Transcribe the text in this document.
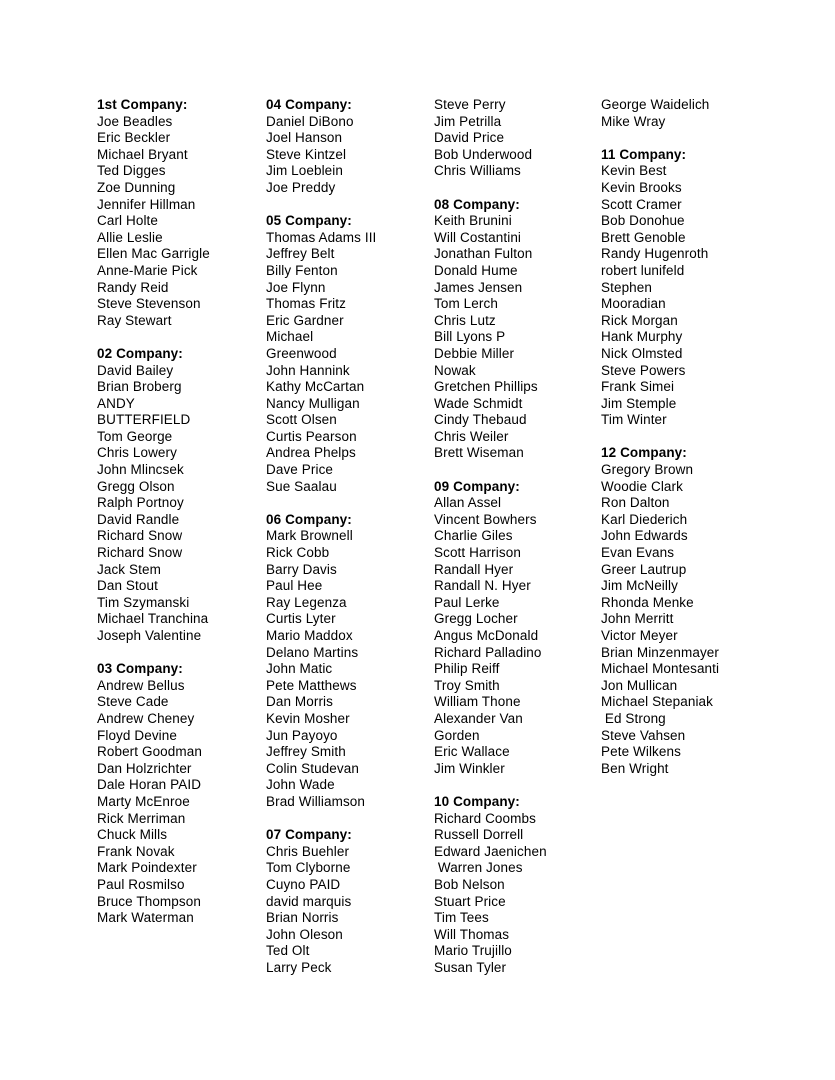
1st Company:
Joe Beadles
Eric Beckler
Michael Bryant
Ted Digges
Zoe Dunning
Jennifer Hillman
Carl Holte
Allie Leslie
Ellen Mac Garrigle
Anne-Marie Pick
Randy Reid
Steve Stevenson
Ray Stewart
02 Company:
David Bailey
Brian Broberg
ANDY
BUTTERFIELD
Tom George
Chris Lowery
John Mlincsek
Gregg Olson
Ralph Portnoy
David Randle
Richard Snow
Richard Snow
Jack Stem
Dan Stout
Tim Szymanski
Michael Tranchina
Joseph Valentine
03 Company:
Andrew Bellus
Steve Cade
Andrew Cheney
Floyd Devine
Robert Goodman
Dan Holzrichter
Dale Horan PAID
Marty McEnroe
Rick Merriman
Chuck Mills
Frank Novak
Mark Poindexter
Paul Rosmilso
Bruce Thompson
Mark Waterman
04 Company:
Daniel DiBono
Joel Hanson
Steve Kintzel
Jim Loeblein
Joe Preddy
05 Company:
Thomas Adams III
Jeffrey Belt
Billy Fenton
Joe Flynn
Thomas Fritz
Eric Gardner
Michael
Greenwood
John Hannink
Kathy McCartan
Nancy Mulligan
Scott Olsen
Curtis Pearson
Andrea Phelps
Dave Price
Sue Saalau
06 Company:
Mark Brownell
Rick Cobb
Barry Davis
Paul Hee
Ray Legenza
Curtis Lyter
Mario Maddox
Delano Martins
John Matic
Pete Matthews
Dan Morris
Kevin Mosher
Jun Payoyo
Jeffrey Smith
Colin Studevan
John Wade
Brad Williamson
07 Company:
Chris Buehler
Tom Clyborne
Cuyno PAID
david marquis
Brian Norris
John Oleson
Ted Olt
Larry Peck
Steve Perry
Jim Petrilla
David Price
Bob Underwood
Chris Williams
08 Company:
Keith Brunini
Will Costantini
Jonathan Fulton
Donald Hume
James Jensen
Tom Lerch
Chris Lutz
Bill Lyons P
Debbie Miller
Nowak
Gretchen Phillips
Wade Schmidt
Cindy Thebaud
Chris Weiler
Brett Wiseman
09 Company:
Allan Assel
Vincent Bowhers
Charlie Giles
Scott Harrison
Randall Hyer
Randall N. Hyer
Paul Lerke
Gregg Locher
Angus McDonald
Richard Palladino
Philip Reiff
Troy Smith
William Thone
Alexander Van
Gorden
Eric Wallace
Jim Winkler
10 Company:
Richard Coombs
Russell Dorrell
Edward Jaenichen
Warren Jones
Bob Nelson
Stuart Price
Tim Tees
Will Thomas
Mario Trujillo
Susan Tyler
George Waidelich
Mike Wray
11 Company:
Kevin Best
Kevin Brooks
Scott Cramer
Bob Donohue
Brett Genoble
Randy Hugenroth
robert lunifeld
Stephen
Mooradian
Rick Morgan
Hank Murphy
Nick Olmsted
Steve Powers
Frank Simei
Jim Stemple
Tim Winter
12 Company:
Gregory Brown
Woodie Clark
Ron Dalton
Karl Diederich
John Edwards
Evan Evans
Greer Lautrup
Jim McNeilly
Rhonda Menke
John Merritt
Victor Meyer
Brian Minzenmayer
Michael Montesanti
Jon Mullican
Michael Stepaniak
Ed Strong
Steve Vahsen
Pete Wilkens
Ben Wright
